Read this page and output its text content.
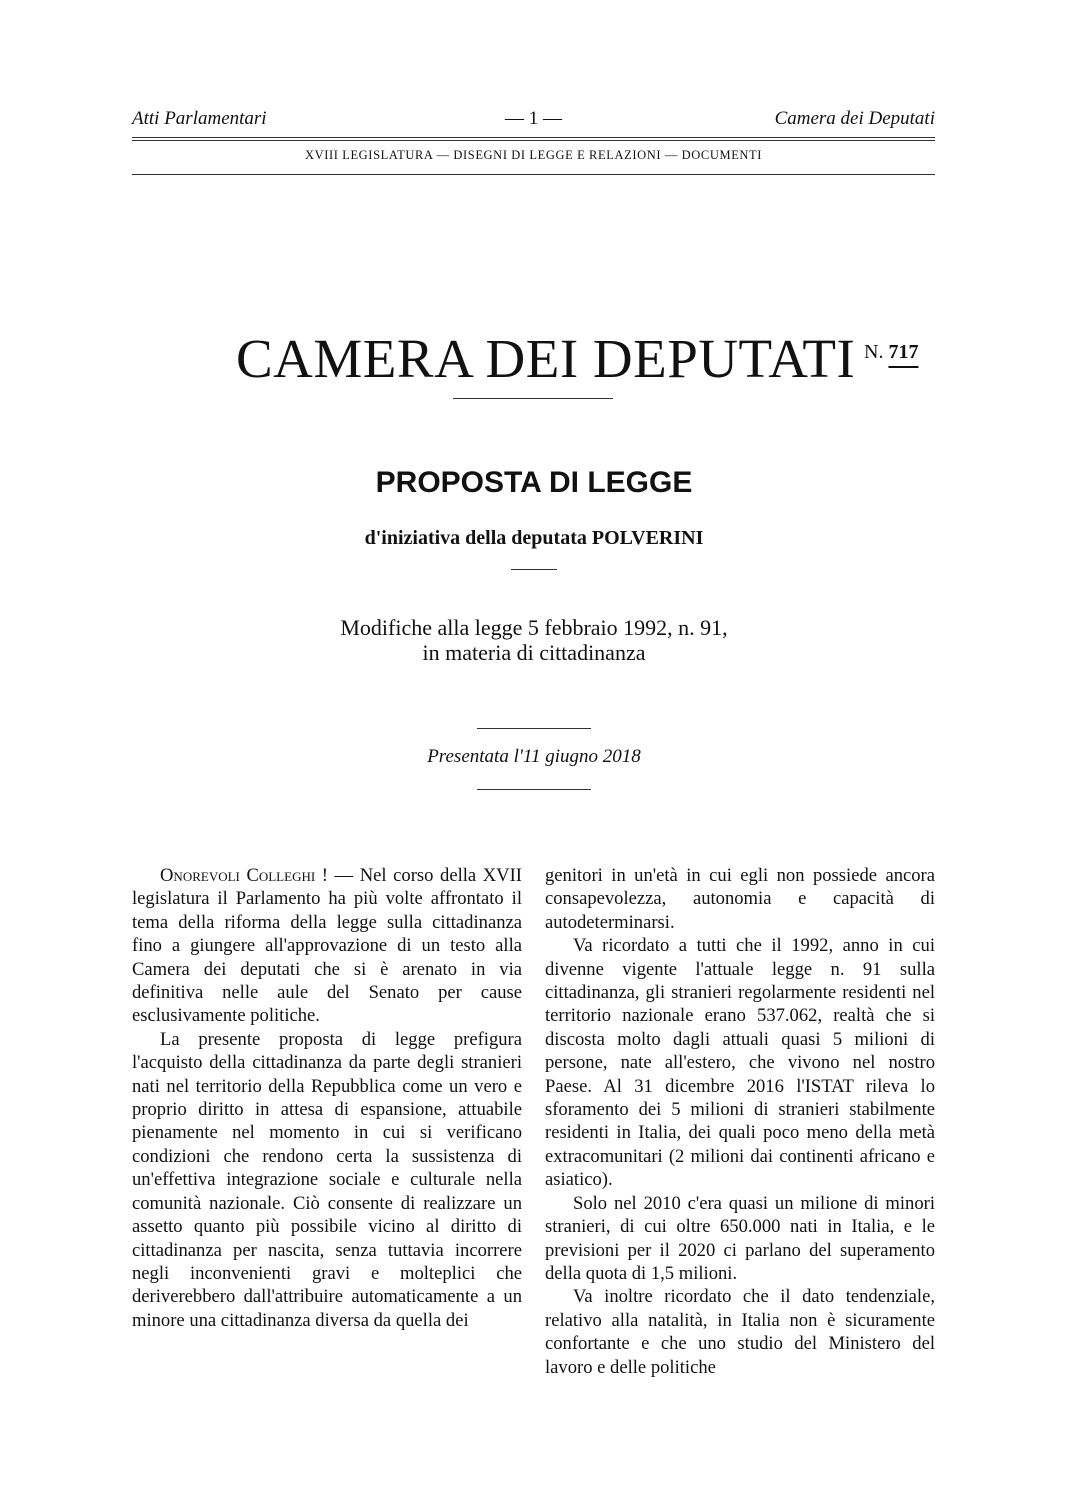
Atti Parlamentari	— 1 —	Camera dei Deputati
XVIII LEGISLATURA — DISEGNI DI LEGGE E RELAZIONI — DOCUMENTI
CAMERA DEI DEPUTATI N. 717
PROPOSTA DI LEGGE
d'iniziativa della deputata POLVERINI
Modifiche alla legge 5 febbraio 1992, n. 91,
in materia di cittadinanza
Presentata l'11 giugno 2018

Onorevoli Colleghi ! — Nel corso della XVII legislatura il Parlamento ha più volte affrontato il tema della riforma della legge sulla cittadinanza fino a giungere all'approvazione di un testo alla Camera dei deputati che si è arenato in via definitiva nelle aule del Senato per cause esclusivamente politiche.

La presente proposta di legge prefigura l'acquisto della cittadinanza da parte degli stranieri nati nel territorio della Repubblica come un vero e proprio diritto in attesa di espansione, attuabile pienamente nel momento in cui si verificano condizioni che rendono certa la sussistenza di un'effettiva integrazione sociale e culturale nella comunità nazionale. Ciò consente di realizzare un assetto quanto più possibile vicino al diritto di cittadinanza per nascita, senza tuttavia incorrere negli inconvenienti gravi e molteplici che deriverebbero dall'attribuire automaticamente a un minore una cittadinanza diversa da quella dei

genitori in un'età in cui egli non possiede ancora consapevolezza, autonomia e capacità di autodeterminarsi.

Va ricordato a tutti che il 1992, anno in cui divenne vigente l'attuale legge n. 91 sulla cittadinanza, gli stranieri regolarmente residenti nel territorio nazionale erano 537.062, realtà che si discosta molto dagli attuali quasi 5 milioni di persone, nate all'estero, che vivono nel nostro Paese. Al 31 dicembre 2016 l'ISTAT rileva lo sforamento dei 5 milioni di stranieri stabilmente residenti in Italia, dei quali poco meno della metà extracomunitari (2 milioni dai continenti africano e asiatico).

Solo nel 2010 c'era quasi un milione di minori stranieri, di cui oltre 650.000 nati in Italia, e le previsioni per il 2020 ci parlano del superamento della quota di 1,5 milioni.

Va inoltre ricordato che il dato tendenziale, relativo alla natalità, in Italia non è sicuramente confortante e che uno studio del Ministero del lavoro e delle politiche
